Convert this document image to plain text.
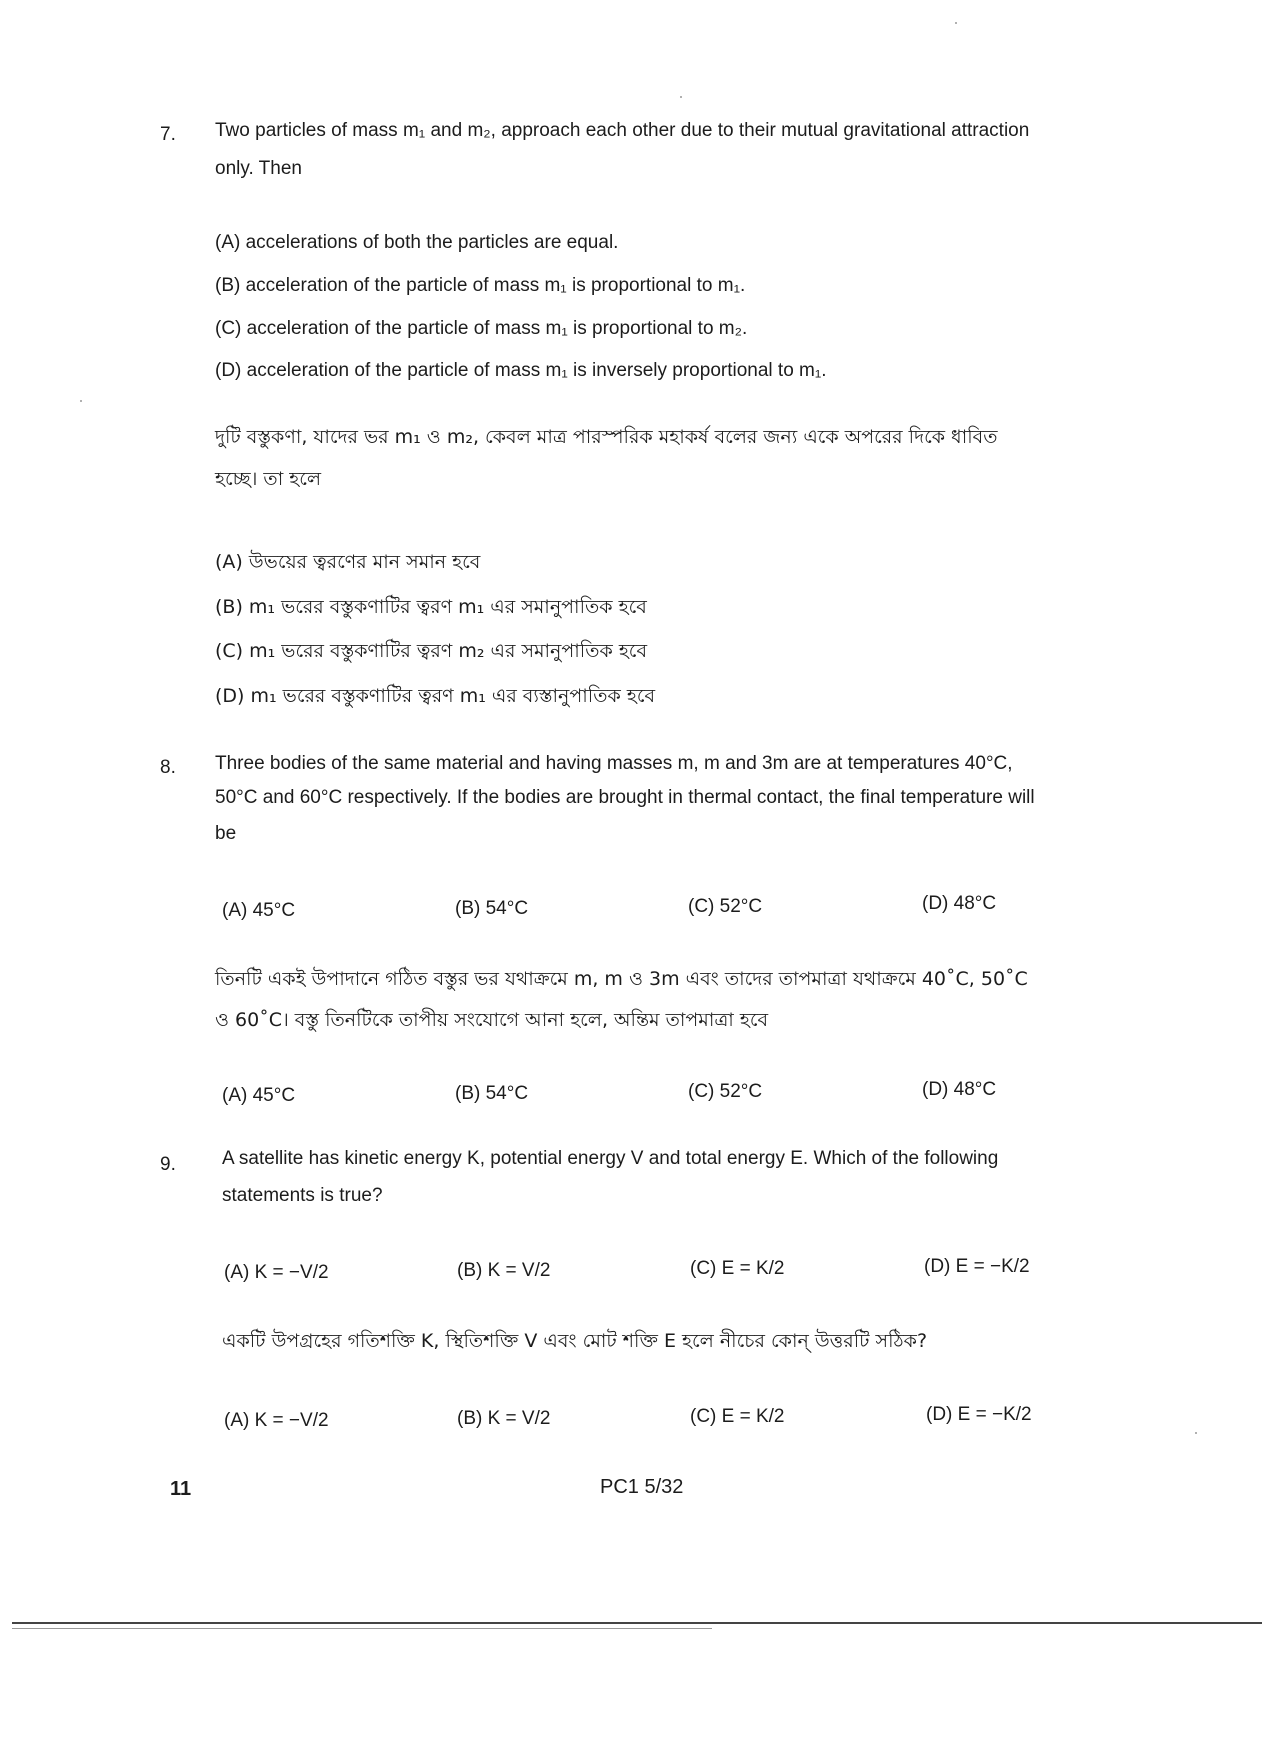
7. Two particles of mass m₁ and m₂, approach each other due to their mutual gravitational attraction
only. Then
(A) accelerations of both the particles are equal.
(B) acceleration of the particle of mass m₁ is proportional to m₁.
(C) acceleration of the particle of mass m₁ is proportional to m₂.
(D) acceleration of the particle of mass m₁ is inversely proportional to m₁.
দুটি বস্তুকণা, যাদের ভর m₁ ও m₂, কেবল মাত্র পারস্পরিক মহাকর্ষ বলের জন্য একে অপরের দিকে ধাবিত
হচ্ছে। তা হলে
(A) উভয়ের ত্বরণের মান সমান হবে
(B) m₁ ভরের বস্তুকণাটির ত্বরণ m₁ এর সমানুপাতিক হবে
(C) m₁ ভরের বস্তুকণাটির ত্বরণ m₂ এর সমানুপাতিক হবে
(D) m₁ ভরের বস্তুকণাটির ত্বরণ m₁ এর ব্যস্তানুপাতিক হবে
8. Three bodies of the same material and having masses m, m and 3m are at temperatures 40°C,
50°C and 60°C respectively. If the bodies are brought in thermal contact, the final temperature will
be
(A) 45°C	(B) 54°C	(C) 52°C	(D) 48°C
তিনটি একই উপাদানে গঠিত বস্তুর ভর যথাক্রমে m, m ও 3m এবং তাদের তাপমাত্রা যথাক্রমে 40˚C, 50˚C
ও 60˚C। বস্তু তিনটিকে তাপীয় সংযোগে আনা হলে, অন্তিম তাপমাত্রা হবে
(A) 45°C	(B) 54°C	(C) 52°C	(D) 48°C
9. A satellite has kinetic energy K, potential energy V and total energy E. Which of the following
statements is true?
(A) K = −V/2	(B) K = V/2	(C) E = K/2	(D) E = −K/2
একটি উপগ্রহের গতিশক্তি K, স্থিতিশক্তি V এবং মোট শক্তি E হলে নীচের কোন্ উত্তরটি সঠিক?
(A) K = −V/2	(B) K = V/2	(C) E = K/2	(D) E = −K/2
11	PC1 5/32
